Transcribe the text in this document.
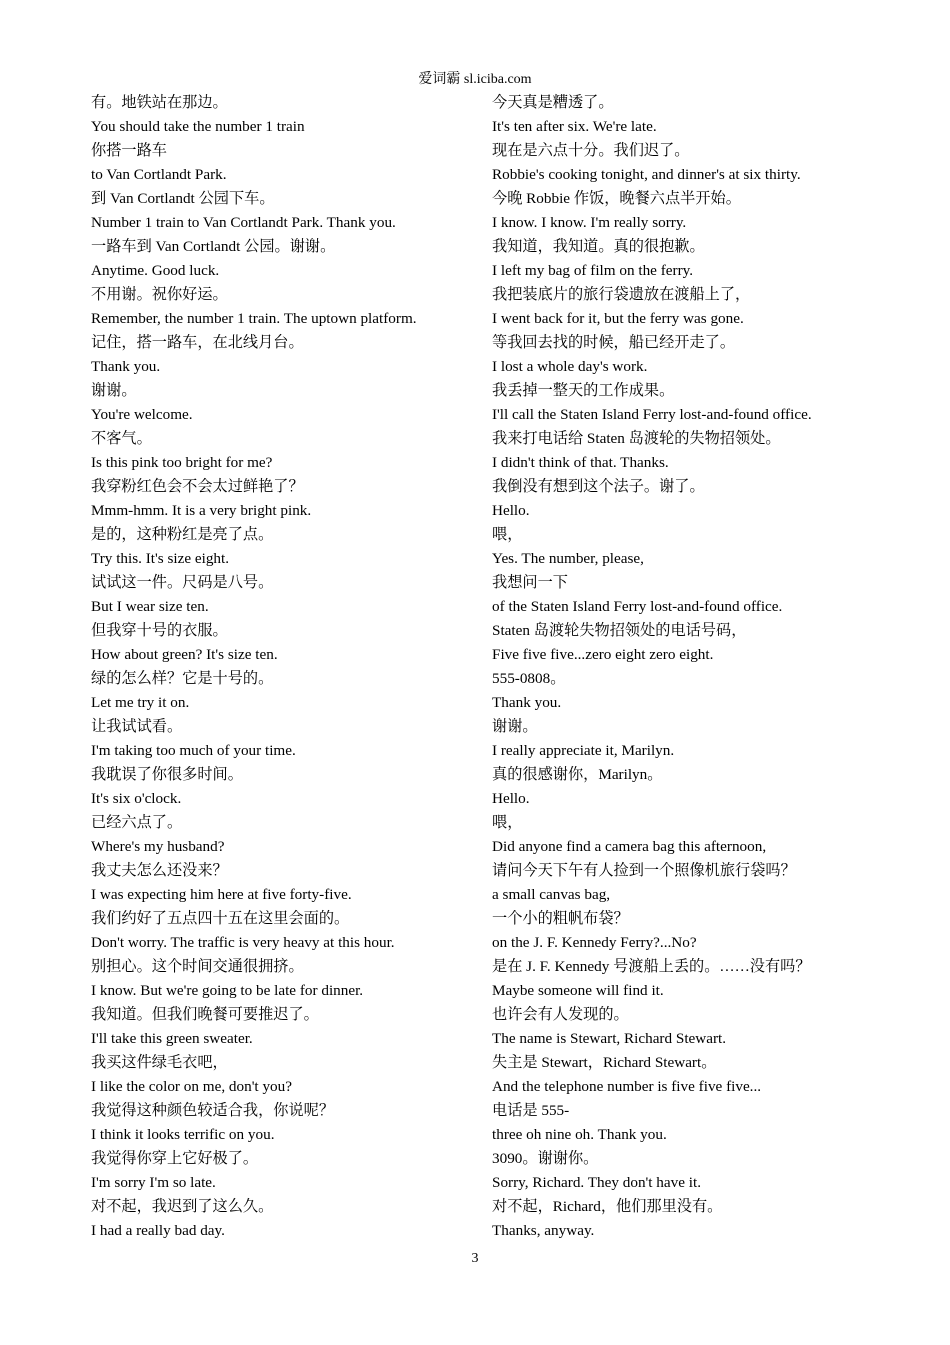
爱词霸 sl.iciba.com
有。地铁站在那边。
You should take the number 1 train
你搭一路车
to Van Cortlandt Park.
到 Van Cortlandt 公园下车。
Number 1 train to Van Cortlandt Park. Thank you.
一路车到 Van Cortlandt 公园。谢谢。
Anytime. Good luck.
不用谢。祝你好运。
Remember, the number 1 train. The uptown platform.
记住，搭一路车，在北线月台。
Thank you.
谢谢。
You're welcome.
不客气。
Is this pink too bright for me?
我穿粉红色会不会太过鲜艳了？
Mmm-hmm. It is a very bright pink.
是的，这种粉红是亮了点。
Try this. It's size eight.
试试这一件。尺码是八号。
But I wear size ten.
但我穿十号的衣服。
How about green? It's size ten.
绿的怎么样？它是十号的。
Let me try it on.
让我试试看。
I'm taking too much of your time.
我耽误了你很多时间。
It's six o'clock.
已经六点了。
Where's my husband?
我丈夫怎么还没来？
I was expecting him here at five forty-five.
我们约好了五点四十五在这里会面的。
Don't worry. The traffic is very heavy at this hour.
别担心。这个时间交通很拥挤。
I know. But we're going to be late for dinner.
我知道。但我们晚餐可要推迟了。
I'll take this green sweater.
我买这件绿毛衣吧，
I like the color on me, don't you?
我觉得这种颜色较适合我，你说呢？
I think it looks terrific on you.
我觉得你穿上它好极了。
I'm sorry I'm so late.
对不起，我迟到了这么久。
I had a really bad day.
今天真是糟透了。
It's ten after six. We're late.
现在是六点十分。我们迟了。
Robbie's cooking tonight, and dinner's at six thirty.
今晚 Robbie 作饭，晚餐六点半开始。
I know. I know. I'm really sorry.
我知道，我知道。真的很抱歉。
I left my bag of film on the ferry.
我把装底片的旅行袋遗放在渡船上了，
I went back for it, but the ferry was gone.
等我回去找的时候，船已经开走了。
I lost a whole day's work.
我丢掉一整天的工作成果。
I'll call the Staten Island Ferry lost-and-found office.
我来打电话给 Staten 岛渡轮的失物招领处。
I didn't think of that. Thanks.
我倒没有想到这个法子。谢了。
Hello.
喂，
Yes. The number, please,
我想问一下
of the Staten Island Ferry lost-and-found office.
Staten 岛渡轮失物招领处的电话号码，
Five five five...zero eight zero eight.
555-0808。
Thank you.
谢谢。
I really appreciate it, Marilyn.
真的很感谢你，Marilyn。
Hello.
喂，
Did anyone find a camera bag this afternoon,
请问今天下午有人捡到一个照像机旅行袋吗？
a small canvas bag,
一个小的粗帆布袋？
on the J. F. Kennedy Ferry?...No?
是在 J. F. Kennedy 号渡船上丢的。……没有吗？
Maybe someone will find it.
也许会有人发现的。
The name is Stewart, Richard Stewart.
失主是 Stewart，Richard Stewart。
And the telephone number is five five five...
电话是 555-
three oh nine oh. Thank you.
3090。谢谢你。
Sorry, Richard. They don't have it.
对不起，Richard，他们那里没有。
Thanks, anyway.
3
